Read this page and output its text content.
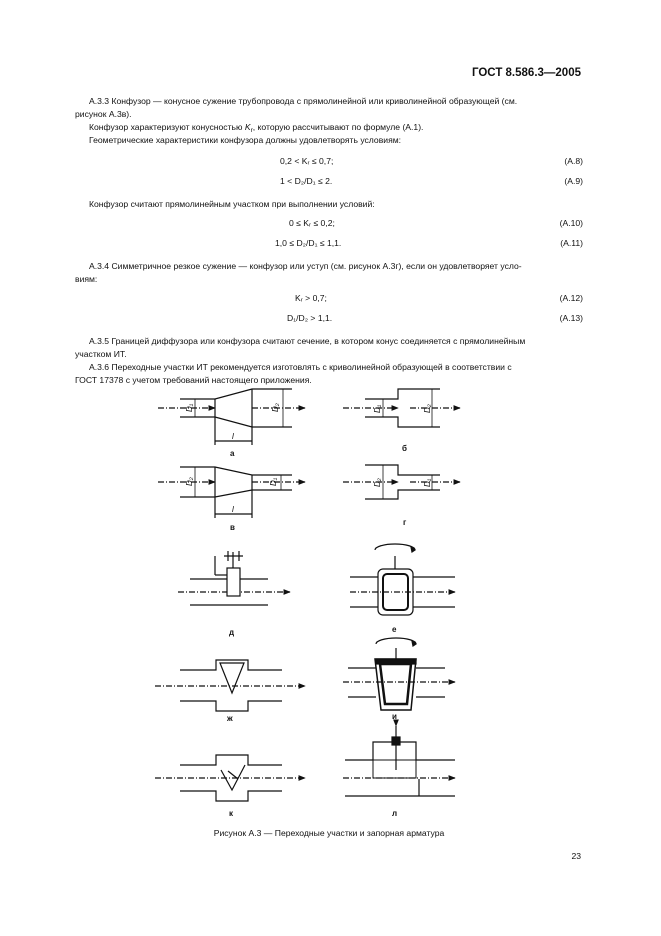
ГОСТ 8.586.3—2005
А.3.3 Конфузор — конусное сужение трубопровода с прямолинейной или криволинейной образующей (см.
рисунок А.3в).
Конфузор характеризуют конусностью $K_r$, которую рассчитывают по формуле (А.1).
Геометрические характеристики конфузора должны удовлетворять условиям:
0,2 < Kᵣ ≤ 0,7;	(А.8)
1 < D₂/D₁ ≤ 2.	(А.9)
Конфузор считают прямолинейным участком при выполнении условий:
0 ≤ Kᵣ ≤ 0,2;	(А.10)
1,0 ≤ D₂/D₁ ≤ 1,1.	(А.11)
А.3.4 Симметричное резкое сужение — конфузор или уступ (см. рисунок А.3г), если он удовлетворяет усло-
виям:
Kᵣ > 0,7;	(А.12)
D₁/D₂ > 1,1.	(А.13)
А.3.5 Границей диффузора или конфузора считают сечение, в котором конус соединяется с прямолинейным
участком ИТ.
А.3.6 Переходные участки ИТ рекомендуется изготовлять с криволинейной образующей в соответствии с
ГОСТ 17378 с учетом требований настоящего приложения.
D₁	D₂
l
а
D₁	D₂
б
D₂	D₁
l
в
D₂	D₁
г
д	е
ж	и
к	л
Рисунок А.3 — Переходные участки и запорная арматура
23
